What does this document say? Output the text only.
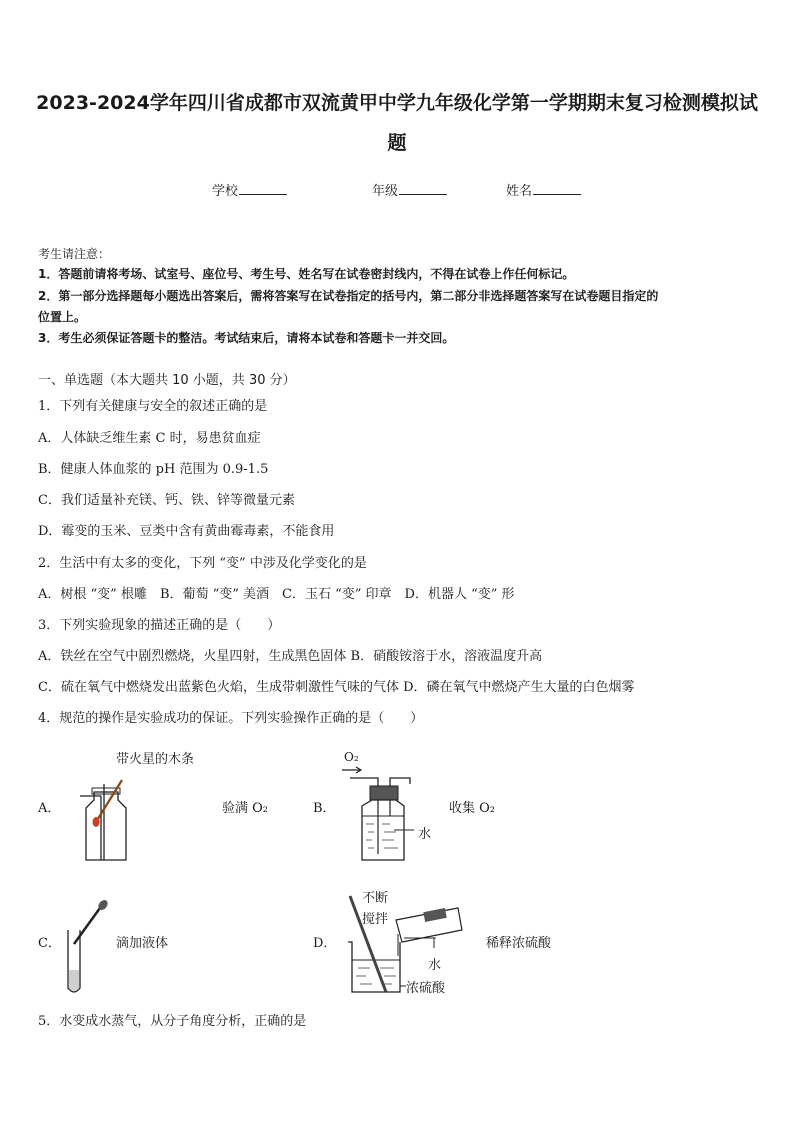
2023-2024学年四川省成都市双流黄甲中学九年级化学第一学期期末复习检测模拟试
题
学校	年级	姓名
考生请注意：
1．答题前请将考场、试室号、座位号、考生号、姓名写在试卷密封线内，不得在试卷上作任何标记。
2．第一部分选择题每小题选出答案后，需将答案写在试卷指定的括号内，第二部分非选择题答案写在试卷题目指定的
位置上。
3．考生必须保证答题卡的整洁。考试结束后，请将本试卷和答题卡一并交回。
一、单选题（本大题共 10 小题，共 30 分）
1．下列有关健康与安全的叙述正确的是
A．人体缺乏维生素 C 时，易患贫血症
B．健康人体血浆的 pH 范围为 0.9-1.5
C．我们适量补充镁、钙、铁、锌等微量元素
D．霉变的玉米、豆类中含有黄曲霉毒素，不能食用
2．生活中有太多的变化，下列 “变” 中涉及化学变化的是
A．树根 “变” 根雕　B．葡萄 “变” 美酒　C．玉石 “变” 印章　D．机器人 “变” 形
3．下列实验现象的描述正确的是（　　）
A．铁丝在空气中剧烈燃烧，火星四射，生成黑色固体 B．硝酸铵溶于水，溶液温度升高
C．硫在氧气中燃烧发出蓝紫色火焰，生成带刺激性气味的气体 D．磷在氧气中燃烧产生大量的白色烟雾
4．规范的操作是实验成功的保证。下列实验操作正确的是（　　）
带火星的木条
A．	验满 O₂	B．
O₂
水
收集 O₂
C．	滴加液体	D．
不断
搅拌
水
浓硫酸
稀释浓硫酸
5．水变成水蒸气，从分子角度分析，正确的是
